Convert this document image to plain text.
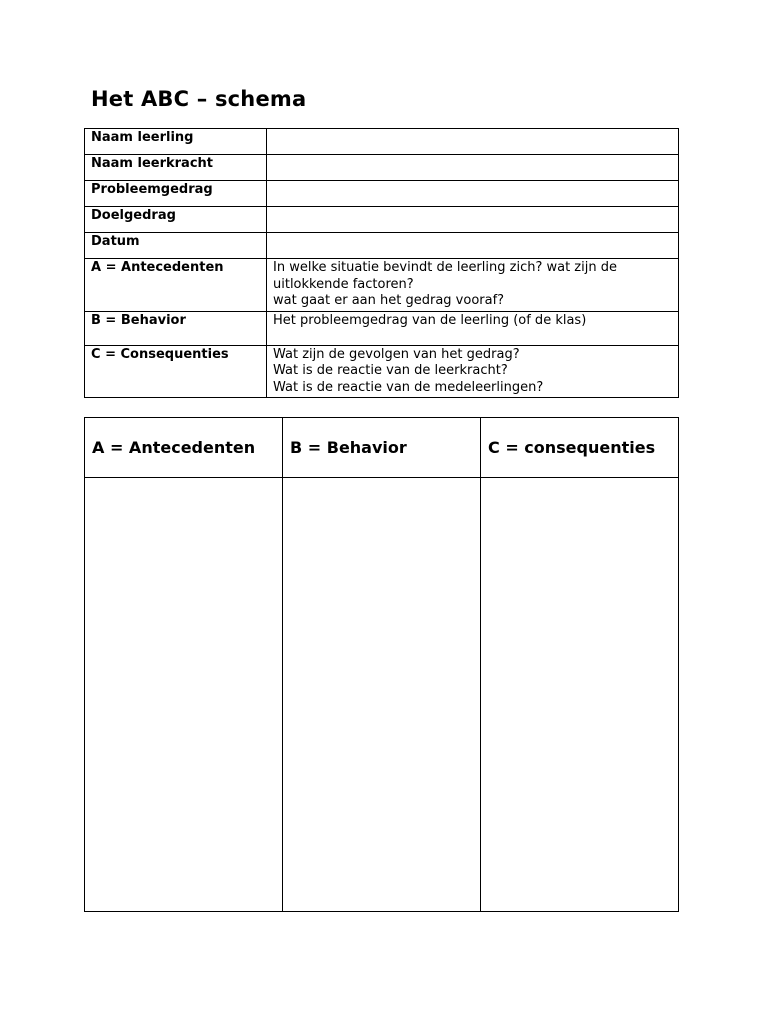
Het ABC – schema
Naam leerling	
Naam leerkracht	
Probleemgedrag	
Doelgedrag	
Datum	
A = Antecedenten	In welke situatie bevindt de leerling zich? wat zijn de
uitlokkende factoren?
wat gaat er aan het gedrag vooraf?

B = Behavior	Het probleemgedrag van de leerling (of de klas)

C = Consequenties	Wat zijn de gevolgen van het gedrag?
Wat is de reactie van de leerkracht?
Wat is de reactie van de medeleerlingen?
A = Antecedenten	B = Behavior	C = consequenties
